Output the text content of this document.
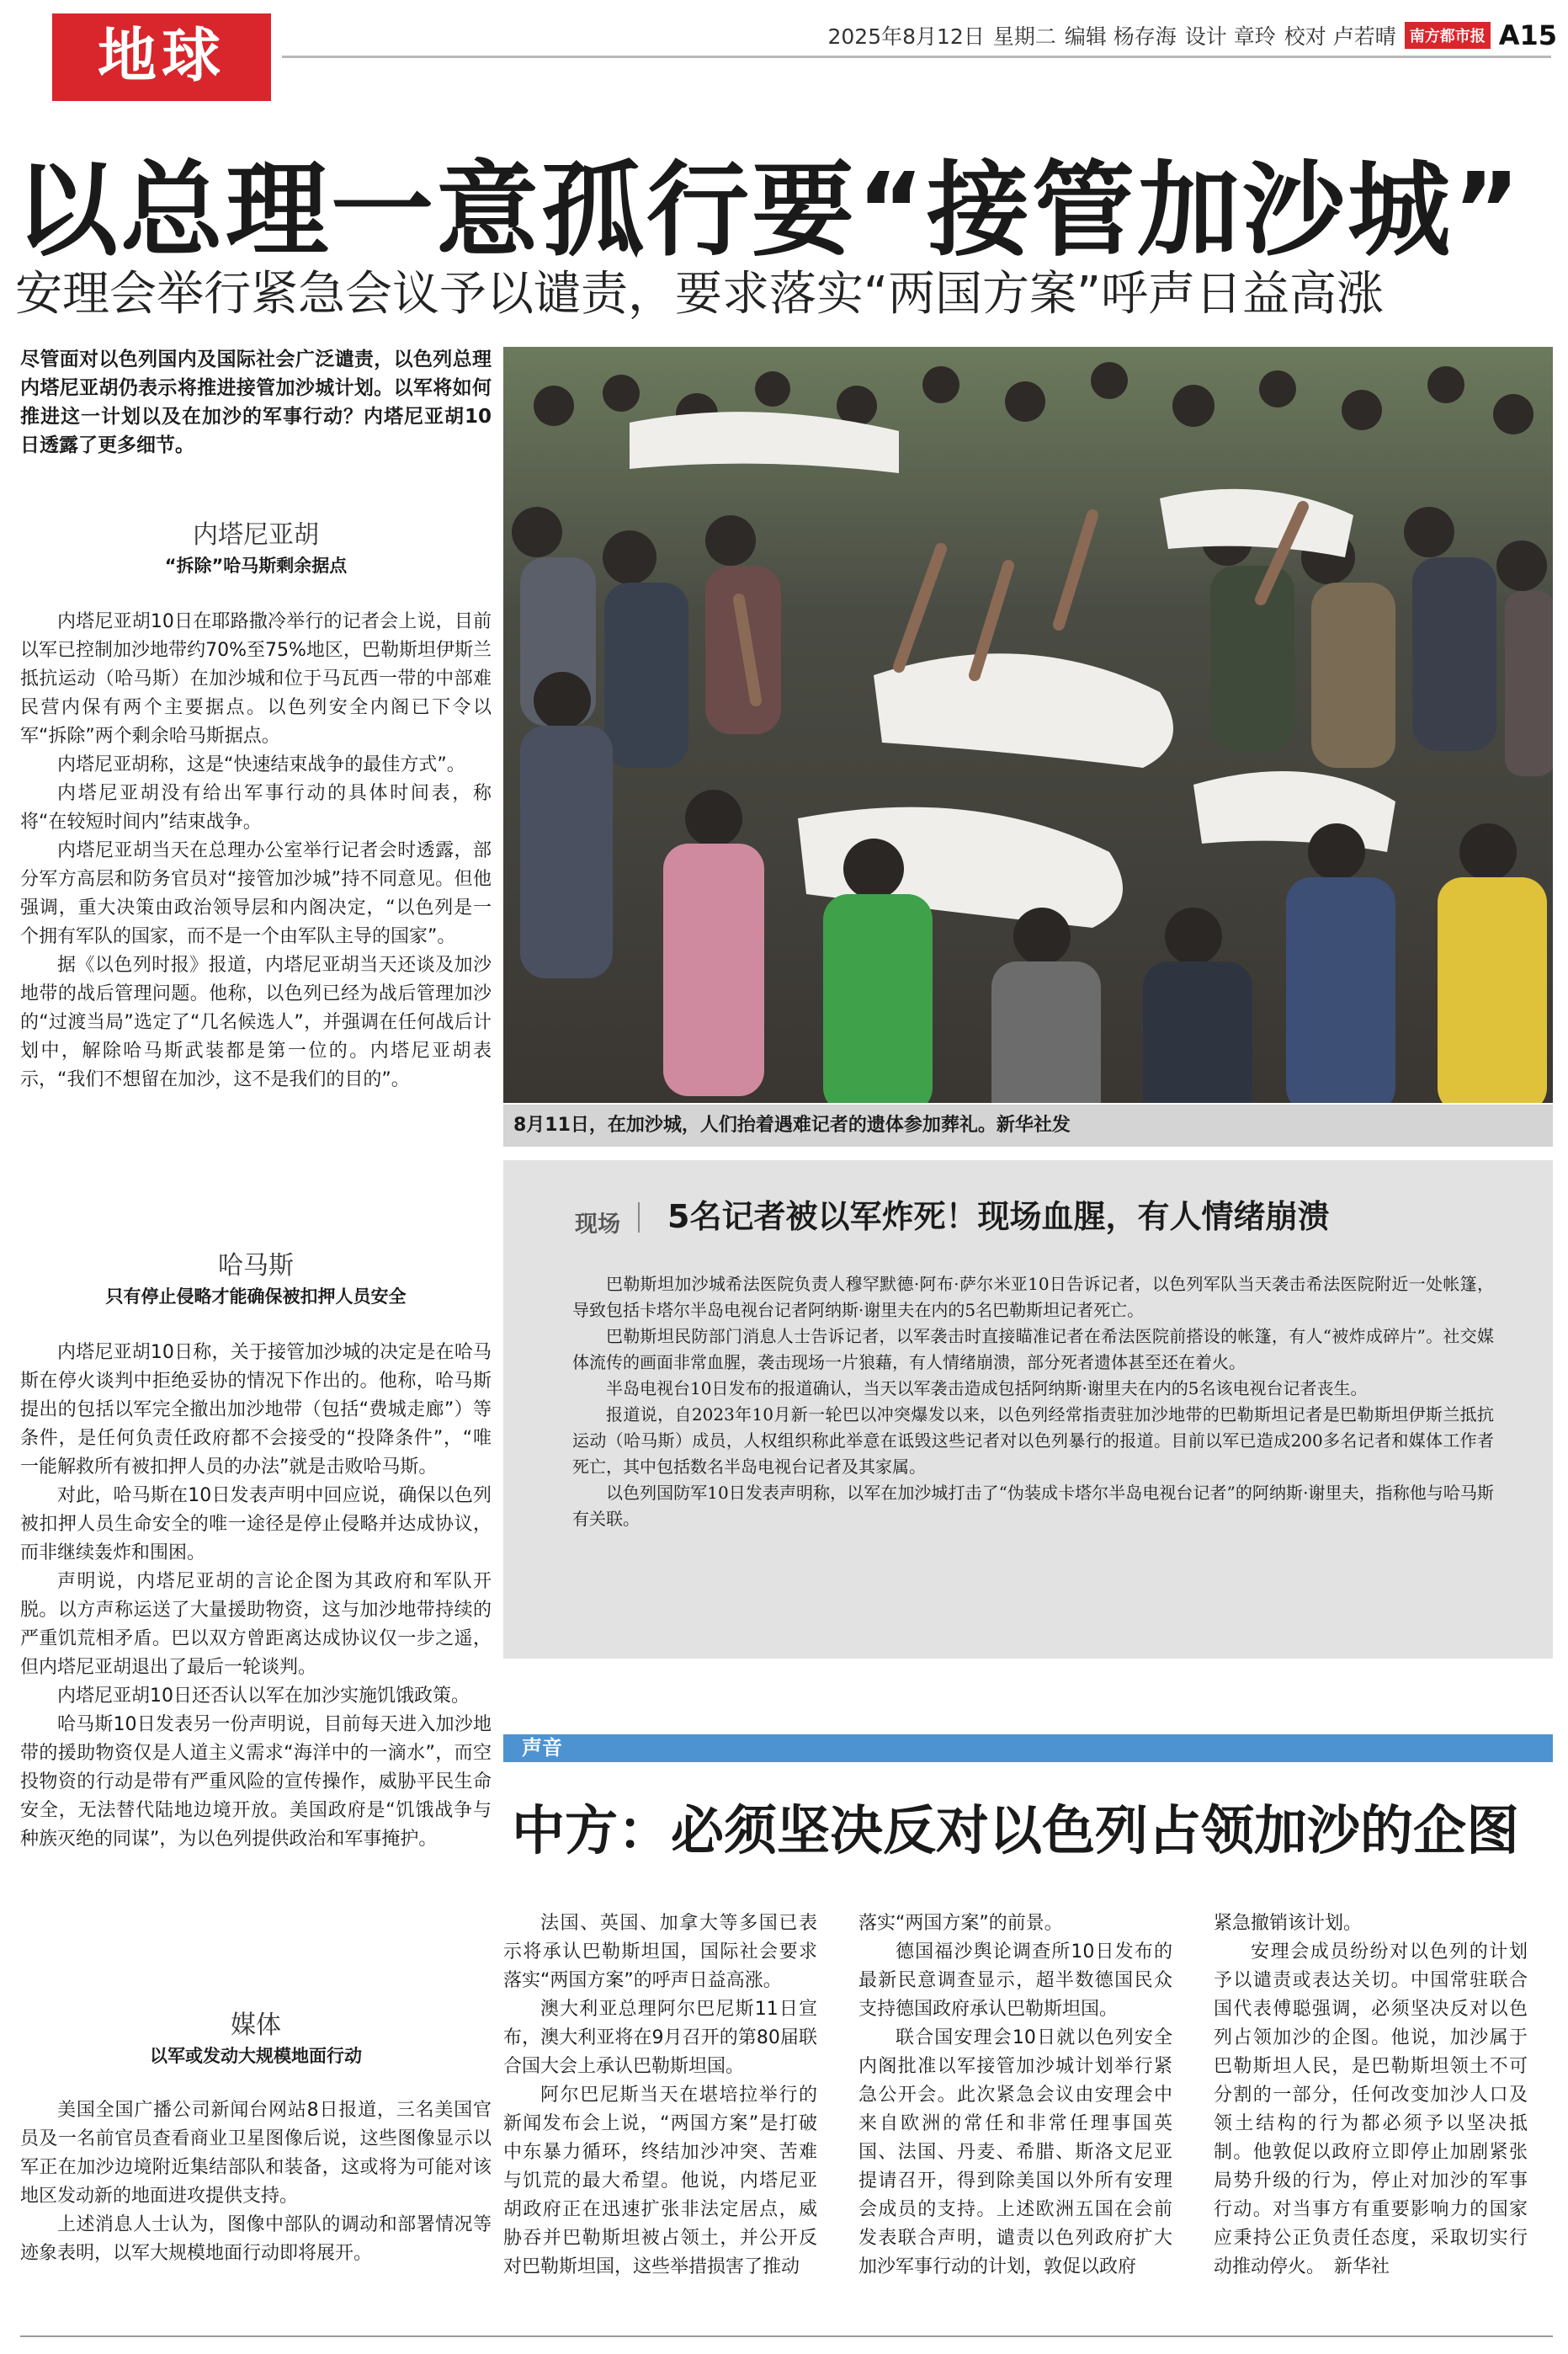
地球	2025年8月12日 星期二 编辑 杨存海 设计 章玲 校对 卢若晴 南方都市报 A15
以总理一意孤行要“接管加沙城”
安理会举行紧急会议予以谴责，要求落实“两国方案”呼声日益高涨
尽管面对以色列国内及国际社会广泛谴责，以色列总理内塔尼亚胡仍表示将推进接管加沙城计划。以军将如何推进这一计划以及在加沙的军事行动？内塔尼亚胡10日透露了更多细节。
内塔尼亚胡
“拆除”哈马斯剩余据点

内塔尼亚胡10日在耶路撒冷举行的记者会上说，目前以军已控制加沙地带约70%至75%地区，巴勒斯坦伊斯兰抵抗运动（哈马斯）在加沙城和位于马瓦西一带的中部难民营内保有两个主要据点。以色列安全内阁已下令以军“拆除”两个剩余哈马斯据点。

内塔尼亚胡称，这是“快速结束战争的最佳方式”。

内塔尼亚胡没有给出军事行动的具体时间表，称将“在较短时间内”结束战争。

内塔尼亚胡当天在总理办公室举行记者会时透露，部分军方高层和防务官员对“接管加沙城”持不同意见。但他强调，重大决策由政治领导层和内阁决定，“以色列是一个拥有军队的国家，而不是一个由军队主导的国家”。

据《以色列时报》报道，内塔尼亚胡当天还谈及加沙地带的战后管理问题。他称，以色列已经为战后管理加沙的“过渡当局”选定了“几名候选人”，并强调在任何战后计划中，解除哈马斯武装都是第一位的。内塔尼亚胡表示，“我们不想留在加沙，这不是我们的目的”。

哈马斯
只有停止侵略才能确保被扣押人员安全

内塔尼亚胡10日称，关于接管加沙城的决定是在哈马斯在停火谈判中拒绝妥协的情况下作出的。他称，哈马斯提出的包括以军完全撤出加沙地带（包括“费城走廊”）等条件，是任何负责任政府都不会接受的“投降条件”，“唯一能解救所有被扣押人员的办法”就是击败哈马斯。

对此，哈马斯在10日发表声明中回应说，确保以色列被扣押人员生命安全的唯一途径是停止侵略并达成协议，而非继续轰炸和围困。

声明说，内塔尼亚胡的言论企图为其政府和军队开脱。以方声称运送了大量援助物资，这与加沙地带持续的严重饥荒相矛盾。巴以双方曾距离达成协议仅一步之遥，但内塔尼亚胡退出了最后一轮谈判。

内塔尼亚胡10日还否认以军在加沙实施饥饿政策。

哈马斯10日发表另一份声明说，目前每天进入加沙地带的援助物资仅是人道主义需求“海洋中的一滴水”，而空投物资的行动是带有严重风险的宣传操作，威胁平民生命安全，无法替代陆地边境开放。美国政府是“饥饿战争与种族灭绝的同谋”，为以色列提供政治和军事掩护。

媒体
以军或发动大规模地面行动

美国全国广播公司新闻台网站8日报道，三名美国官员及一名前官员查看商业卫星图像后说，这些图像显示以军正在加沙边境附近集结部队和装备，这或将为可能对该地区发动新的地面进攻提供支持。

上述消息人士认为，图像中部队的调动和部署情况等迹象表明，以军大规模地面行动即将展开。

8月11日，在加沙城，人们抬着遇难记者的遗体参加葬礼。新华社发
现场 5名记者被以军炸死！现场血腥，有人情绪崩溃

巴勒斯坦加沙城希法医院负责人穆罕默德·阿布·萨尔米亚10日告诉记者，以色列军队当天袭击希法医院附近一处帐篷，导致包括卡塔尔半岛电视台记者阿纳斯·谢里夫在内的5名巴勒斯坦记者死亡。

巴勒斯坦民防部门消息人士告诉记者，以军袭击时直接瞄准记者在希法医院前搭设的帐篷，有人“被炸成碎片”。社交媒体流传的画面非常血腥，袭击现场一片狼藉，有人情绪崩溃，部分死者遗体甚至还在着火。

半岛电视台10日发布的报道确认，当天以军袭击造成包括阿纳斯·谢里夫在内的5名该电视台记者丧生。

报道说，自2023年10月新一轮巴以冲突爆发以来，以色列经常指责驻加沙地带的巴勒斯坦记者是巴勒斯坦伊斯兰抵抗运动（哈马斯）成员，人权组织称此举意在诋毁这些记者对以色列暴行的报道。目前以军已造成200多名记者和媒体工作者死亡，其中包括数名半岛电视台记者及其家属。

以色列国防军10日发表声明称，以军在加沙城打击了“伪装成卡塔尔半岛电视台记者”的阿纳斯·谢里夫，指称他与哈马斯有关联。

声音
中方：必须坚决反对以色列占领加沙的企图

法国、英国、加拿大等多国已表示将承认巴勒斯坦国，国际社会要求落实“两国方案”的呼声日益高涨。

澳大利亚总理阿尔巴尼斯11日宣布，澳大利亚将在9月召开的第80届联合国大会上承认巴勒斯坦国。

阿尔巴尼斯当天在堪培拉举行的新闻发布会上说，“两国方案”是打破中东暴力循环，终结加沙冲突、苦难与饥荒的最大希望。他说，内塔尼亚胡政府正在迅速扩张非法定居点，威胁吞并巴勒斯坦被占领土，并公开反对巴勒斯坦国，这些举措损害了推动

落实“两国方案”的前景。

德国福沙舆论调查所10日发布的最新民意调查显示，超半数德国民众支持德国政府承认巴勒斯坦国。

联合国安理会10日就以色列安全内阁批准以军接管加沙城计划举行紧急公开会。此次紧急会议由安理会中来自欧洲的常任和非常任理事国英国、法国、丹麦、希腊、斯洛文尼亚提请召开，得到除美国以外所有安理会成员的支持。上述欧洲五国在会前发表联合声明，谴责以色列政府扩大加沙军事行动的计划，敦促以政府

紧急撤销该计划。

安理会成员纷纷对以色列的计划予以谴责或表达关切。中国常驻联合国代表傅聪强调，必须坚决反对以色列占领加沙的企图。他说，加沙属于巴勒斯坦人民，是巴勒斯坦领土不可分割的一部分，任何改变加沙人口及领土结构的行为都必须予以坚决抵制。他敦促以政府立即停止加剧紧张局势升级的行为，停止对加沙的军事行动。对当事方有重要影响力的国家应秉持公正负责任态度，采取切实行动推动停火。　新华社
